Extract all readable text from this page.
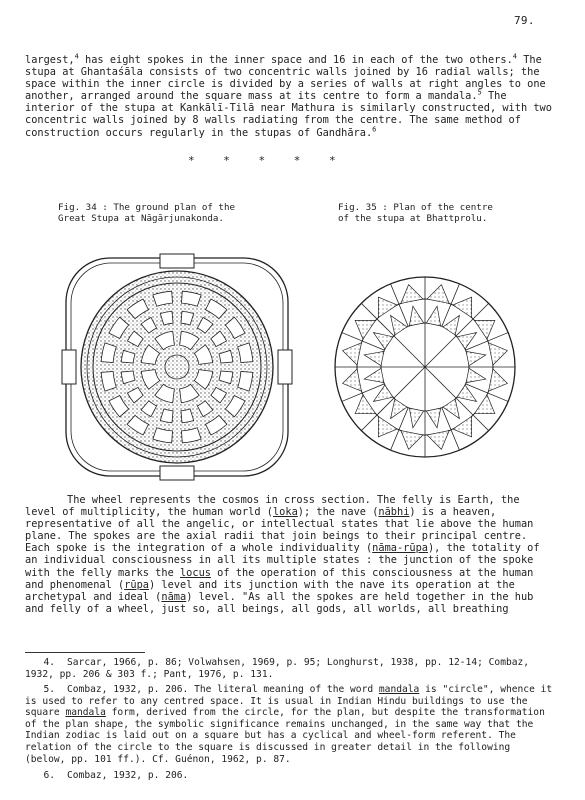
79.

largest,$^4$ has eight spokes in the inner space and 16 in each of the two others.$^4$ The stupa at Ghantaśāla consists of two concentric walls joined by 16 radial walls; the space within the inner circle is divided by a series of walls at right angles to one another, arranged around the square mass at its centre to form a mandala.$^5$ The interior of the stupa at Kankālī-Tilā near Mathura is similarly constructed, with two concentric walls joined by 8 walls radiating from the centre. The same method of construction occurs regularly in the stupas of Gandhāra.$^6$

* * * * *

Fig. 34 : The ground plan of the
Great Stupa at Nāgārjunakonda.

Fig. 35 : Plan of the centre
of the stupa at Bhattprolu.

The wheel represents the cosmos in cross section. The felly is Earth, the level of multiplicity, the human world (loka); the nave (nābhi) is a heaven, representative of all the angelic, or intellectual states that lie above the human plane. The spokes are the axial radii that join beings to their principal centre. Each spoke is the integration of a whole individuality (nāma-rūpa), the totality of an individual consciousness in all its multiple states : the junction of the spoke with the felly marks the locus of the operation of this consciousness at the human and phenomenal (rūpa) level and its junction with the nave its operation at the archetypal and ideal (nāma) level. "As all the spokes are held together in the hub and felly of a wheel, just so, all beings, all gods, all worlds, all breathing

4. Sarcar, 1966, p. 86; Volwahsen, 1969, p. 95; Longhurst, 1938, pp. 12-14; Combaz, 1932, pp. 206 & 303 f.; Pant, 1976, p. 131.

5. Combaz, 1932, p. 206. The literal meaning of the word mandala is "circle", whence it is used to refer to any centred space. It is usual in Indian Hindu buildings to use the square mandala form, derived from the circle, for the plan, but despite the transformation of the plan shape, the symbolic significance remains unchanged, in the same way that the Indian zodiac is laid out on a square but has a cyclical and wheel-form referent. The relation of the circle to the square is discussed in greater detail in the following (below, pp. 101 ff.). Cf. Guénon, 1962, p. 87.

6. Combaz, 1932, p. 206.
